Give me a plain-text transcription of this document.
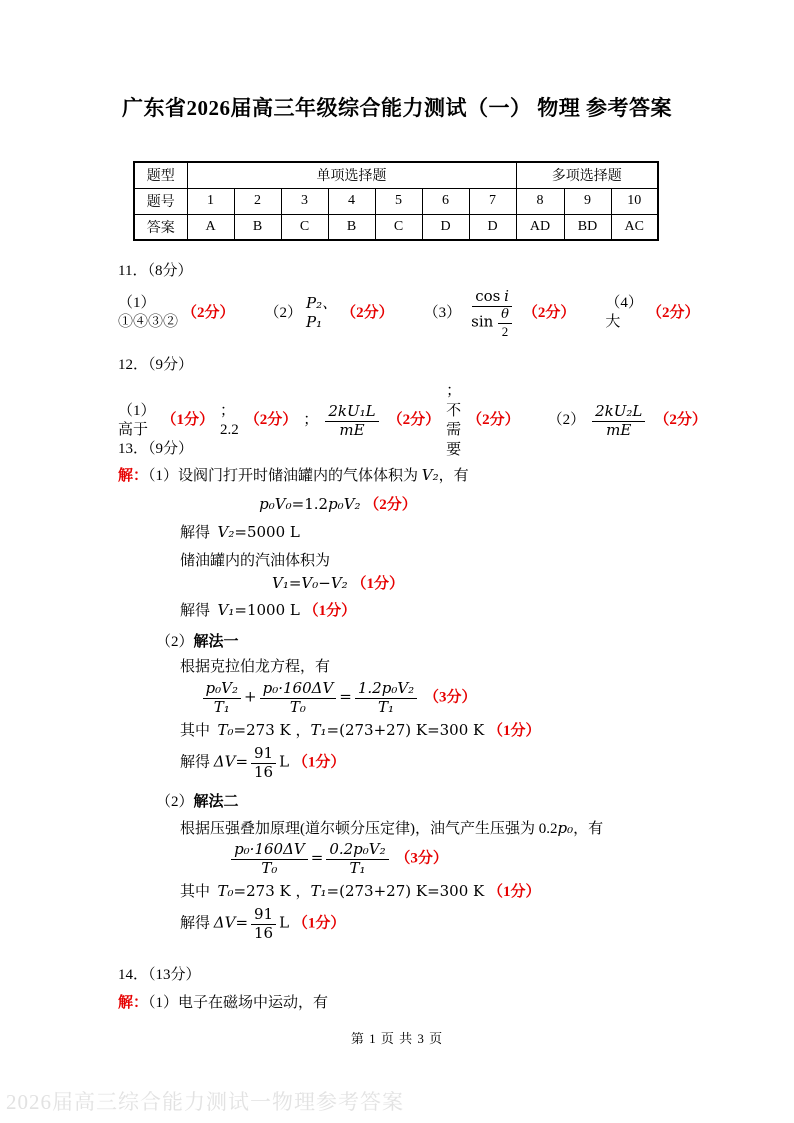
广东省2026届高三年级综合能力测试（一） 物理 参考答案
题型	单项选择题							多项选择题		
题号	1	2	3	4	5	6	7	8	9	10
答案	A	B	C	B	C	D	D	AD	BD	AC
11．（8分）
（1）①④③②
（2分） （2）
P₂、P₁
（2分） $(3) \frac{\text{cos i}}{\sin \frac{\theta}{2}} (2$分）
（4）大
（2分）
12．（9分）
（1）高于
（1分）
；2.2
（2分） ； $\frac{\text{2kU₁L}}{mE} (2$分）
；不需要
（2分） $(2) \frac{\text{2kU₂L}}{mE} (2$分）
13．（9分）
解：（1）设阀门打开时储油罐内的气体体积为 V₂，有
p₀V₀=1.2p₀V₂ （2分）
解得 V₂=5000 L
储油罐内的汽油体积为
V₁=V₀−V₂ （1分）
解得 V₁=1000 L （1分）
（2）解法一
根据克拉伯龙方程，有
$\frac{\text{p₀V₂}}{\text{T₁}} + \frac{\text{p₀·160ΔV}}{\text{T₀}} = \frac{\text{1.2p₀V₂}}{\text{T₁}} (3$分）
其中 T₀=273 K ，T₁=(273+27) K=300 K （1分）
解得 $\Delta V= \frac{91}{16}$ L （1分）
（2）解法二
根据压强叠加原理(道尔顿分压定律)，油气产生压强为 0.2p₀，有
$\frac{\text{p₀·160ΔV}}{\text{T₀}} = \frac{\text{0.2p₀V₂}}{\text{T₁}} (3$分）
其中 T₀=273 K ，T₁=(273+27) K=300 K （1分）
解得 $\Delta V= \frac{91}{16}$ L （1分）
14．（13分）
解：（1）电子在磁场中运动，有
第 1 页 共 3 页
2026届高三综合能力测试一物理参考答案
